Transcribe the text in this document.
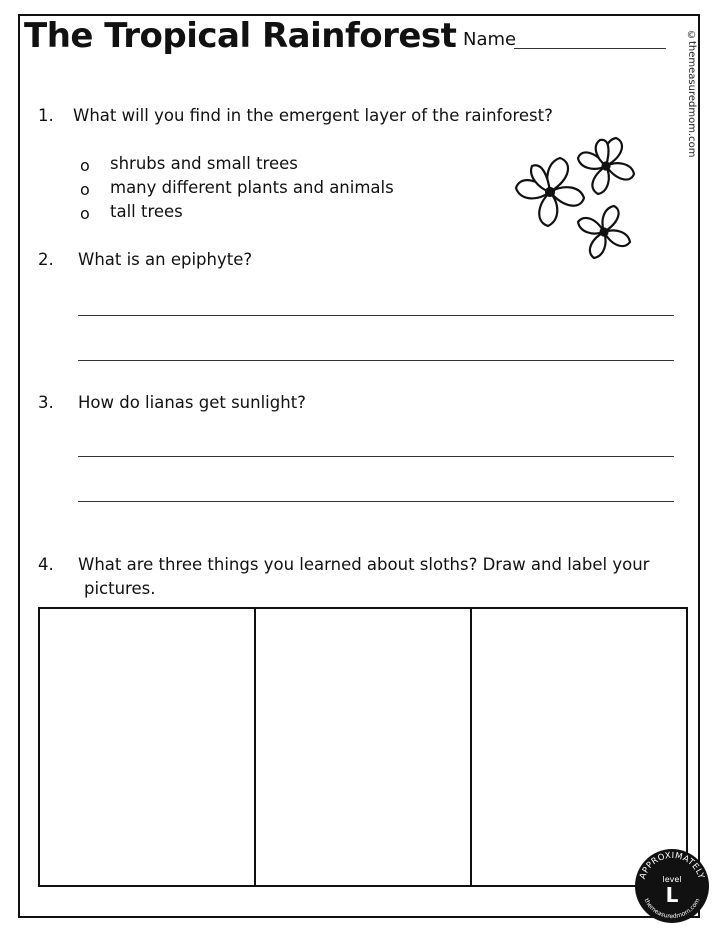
The Tropical Rainforest Name	©themeasuredmom.com
1. What will you find in the emergent layer of the rainforest?
o shrubs and small trees
o many different plants and animals
o tall trees
2. What is an epiphyte?
3. How do lianas get sunlight?
4. What are three things you learned about sloths? Draw and label your
pictures.
APPROXIMATELY
level
L
themeasuredmom.com
